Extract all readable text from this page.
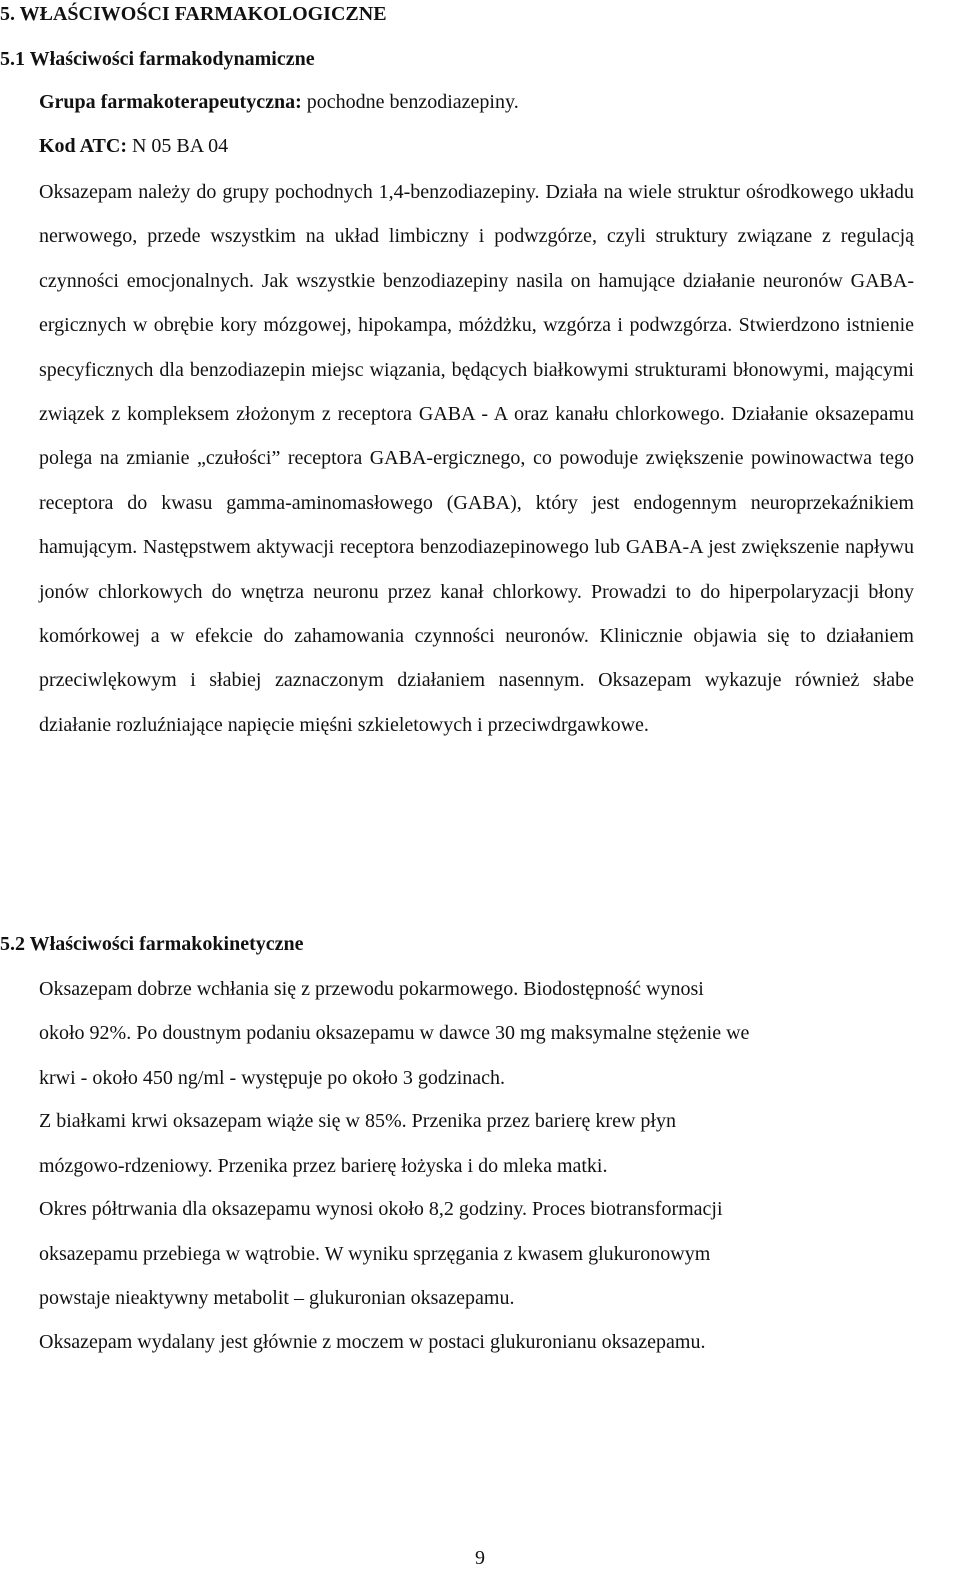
5. WŁAŚCIWOŚCI FARMAKOLOGICZNE
5.1 Właściwości farmakodynamiczne
Grupa farmakoterapeutyczna: pochodne benzodiazepiny.
Kod ATC: N 05 BA 04

Oksazepam należy do grupy pochodnych 1,4-benzodiazepiny. Działa na wiele struktur ośrodkowego układu nerwowego, przede wszystkim na układ limbiczny i podwzgórze, czyli struktury związane z regulacją czynności emocjonalnych. Jak wszystkie benzodiazepiny nasila on hamujące działanie neuronów GABA-ergicznych w obrębie kory mózgowej, hipokampa, móżdżku, wzgórza i podwzgórza. Stwierdzono istnienie specyficznych dla benzodiazepin miejsc wiązania, będących białkowymi strukturami błonowymi, mającymi związek z kompleksem złożonym z receptora GABA - A oraz kanału chlorkowego. Działanie oksazepamu polega na zmianie „czułości” receptora GABA-ergicznego, co powoduje zwiększenie powinowactwa tego receptora do kwasu gamma-aminomasłowego (GABA), który jest endogennym neuroprzekaźnikiem hamującym. Następstwem aktywacji receptora benzodiazepinowego lub GABA-A jest zwiększenie napływu jonów chlorkowych do wnętrza neuronu przez kanał chlorkowy. Prowadzi to do hiperpolaryzacji błony komórkowej a w efekcie do zahamowania czynności neuronów. Klinicznie objawia się to działaniem przeciwlękowym i słabiej zaznaczonym działaniem nasennym. Oksazepam wykazuje również słabe działanie rozluźniające napięcie mięśni szkieletowych i przeciwdrgawkowe.

5.2 Właściwości farmakokinetyczne
Oksazepam dobrze wchłania się z przewodu pokarmowego. Biodostępność wynosi
około 92%. Po doustnym podaniu oksazepamu w dawce 30 mg maksymalne stężenie we
krwi - około 450 ng/ml - występuje po około 3 godzinach.
Z białkami krwi oksazepam wiąże się w 85%. Przenika przez barierę krew płyn
mózgowo-rdzeniowy. Przenika przez barierę łożyska i do mleka matki.
Okres półtrwania dla oksazepamu wynosi około 8,2 godziny. Proces biotransformacji
oksazepamu przebiega w wątrobie. W wyniku sprzęgania z kwasem glukuronowym
powstaje nieaktywny metabolit – glukuronian oksazepamu.
Oksazepam wydalany jest głównie z moczem w postaci glukuronianu oksazepamu.
9
